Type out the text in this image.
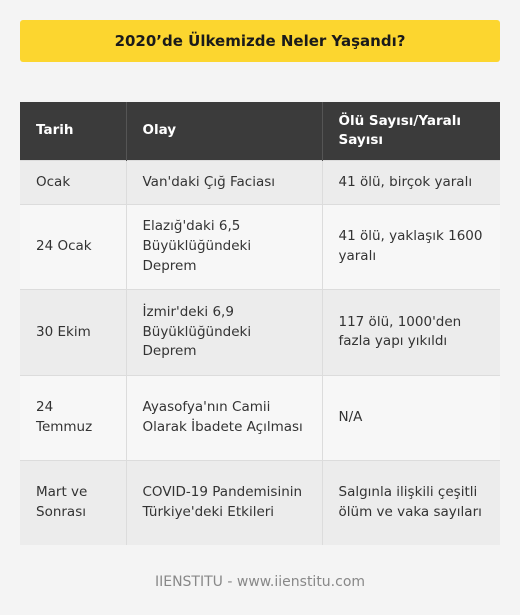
2020’de Ülkemizde Neler Yaşandı?
Tarih	Olay	Ölü Sayısı/Yaralı Sayısı
Ocak	Van'daki Çığ Faciası	41 ölü, birçok yaralı
24 Ocak	Elazığ'daki 6,5 Büyüklüğündeki Deprem	41 ölü, yaklaşık 1600 yaralı
30 Ekim	İzmir'deki 6,9 Büyüklüğündeki Deprem	117 ölü, 1000'den fazla yapı yıkıldı
24 Temmuz	Ayasofya'nın Camii Olarak İbadete Açılması	N/A
Mart ve Sonrası	COVID-19 Pandemisinin Türkiye'deki Etkileri	Salgınla ilişkili çeşitli ölüm ve vaka sayıları
IIENSTITU - www.iienstitu.com
